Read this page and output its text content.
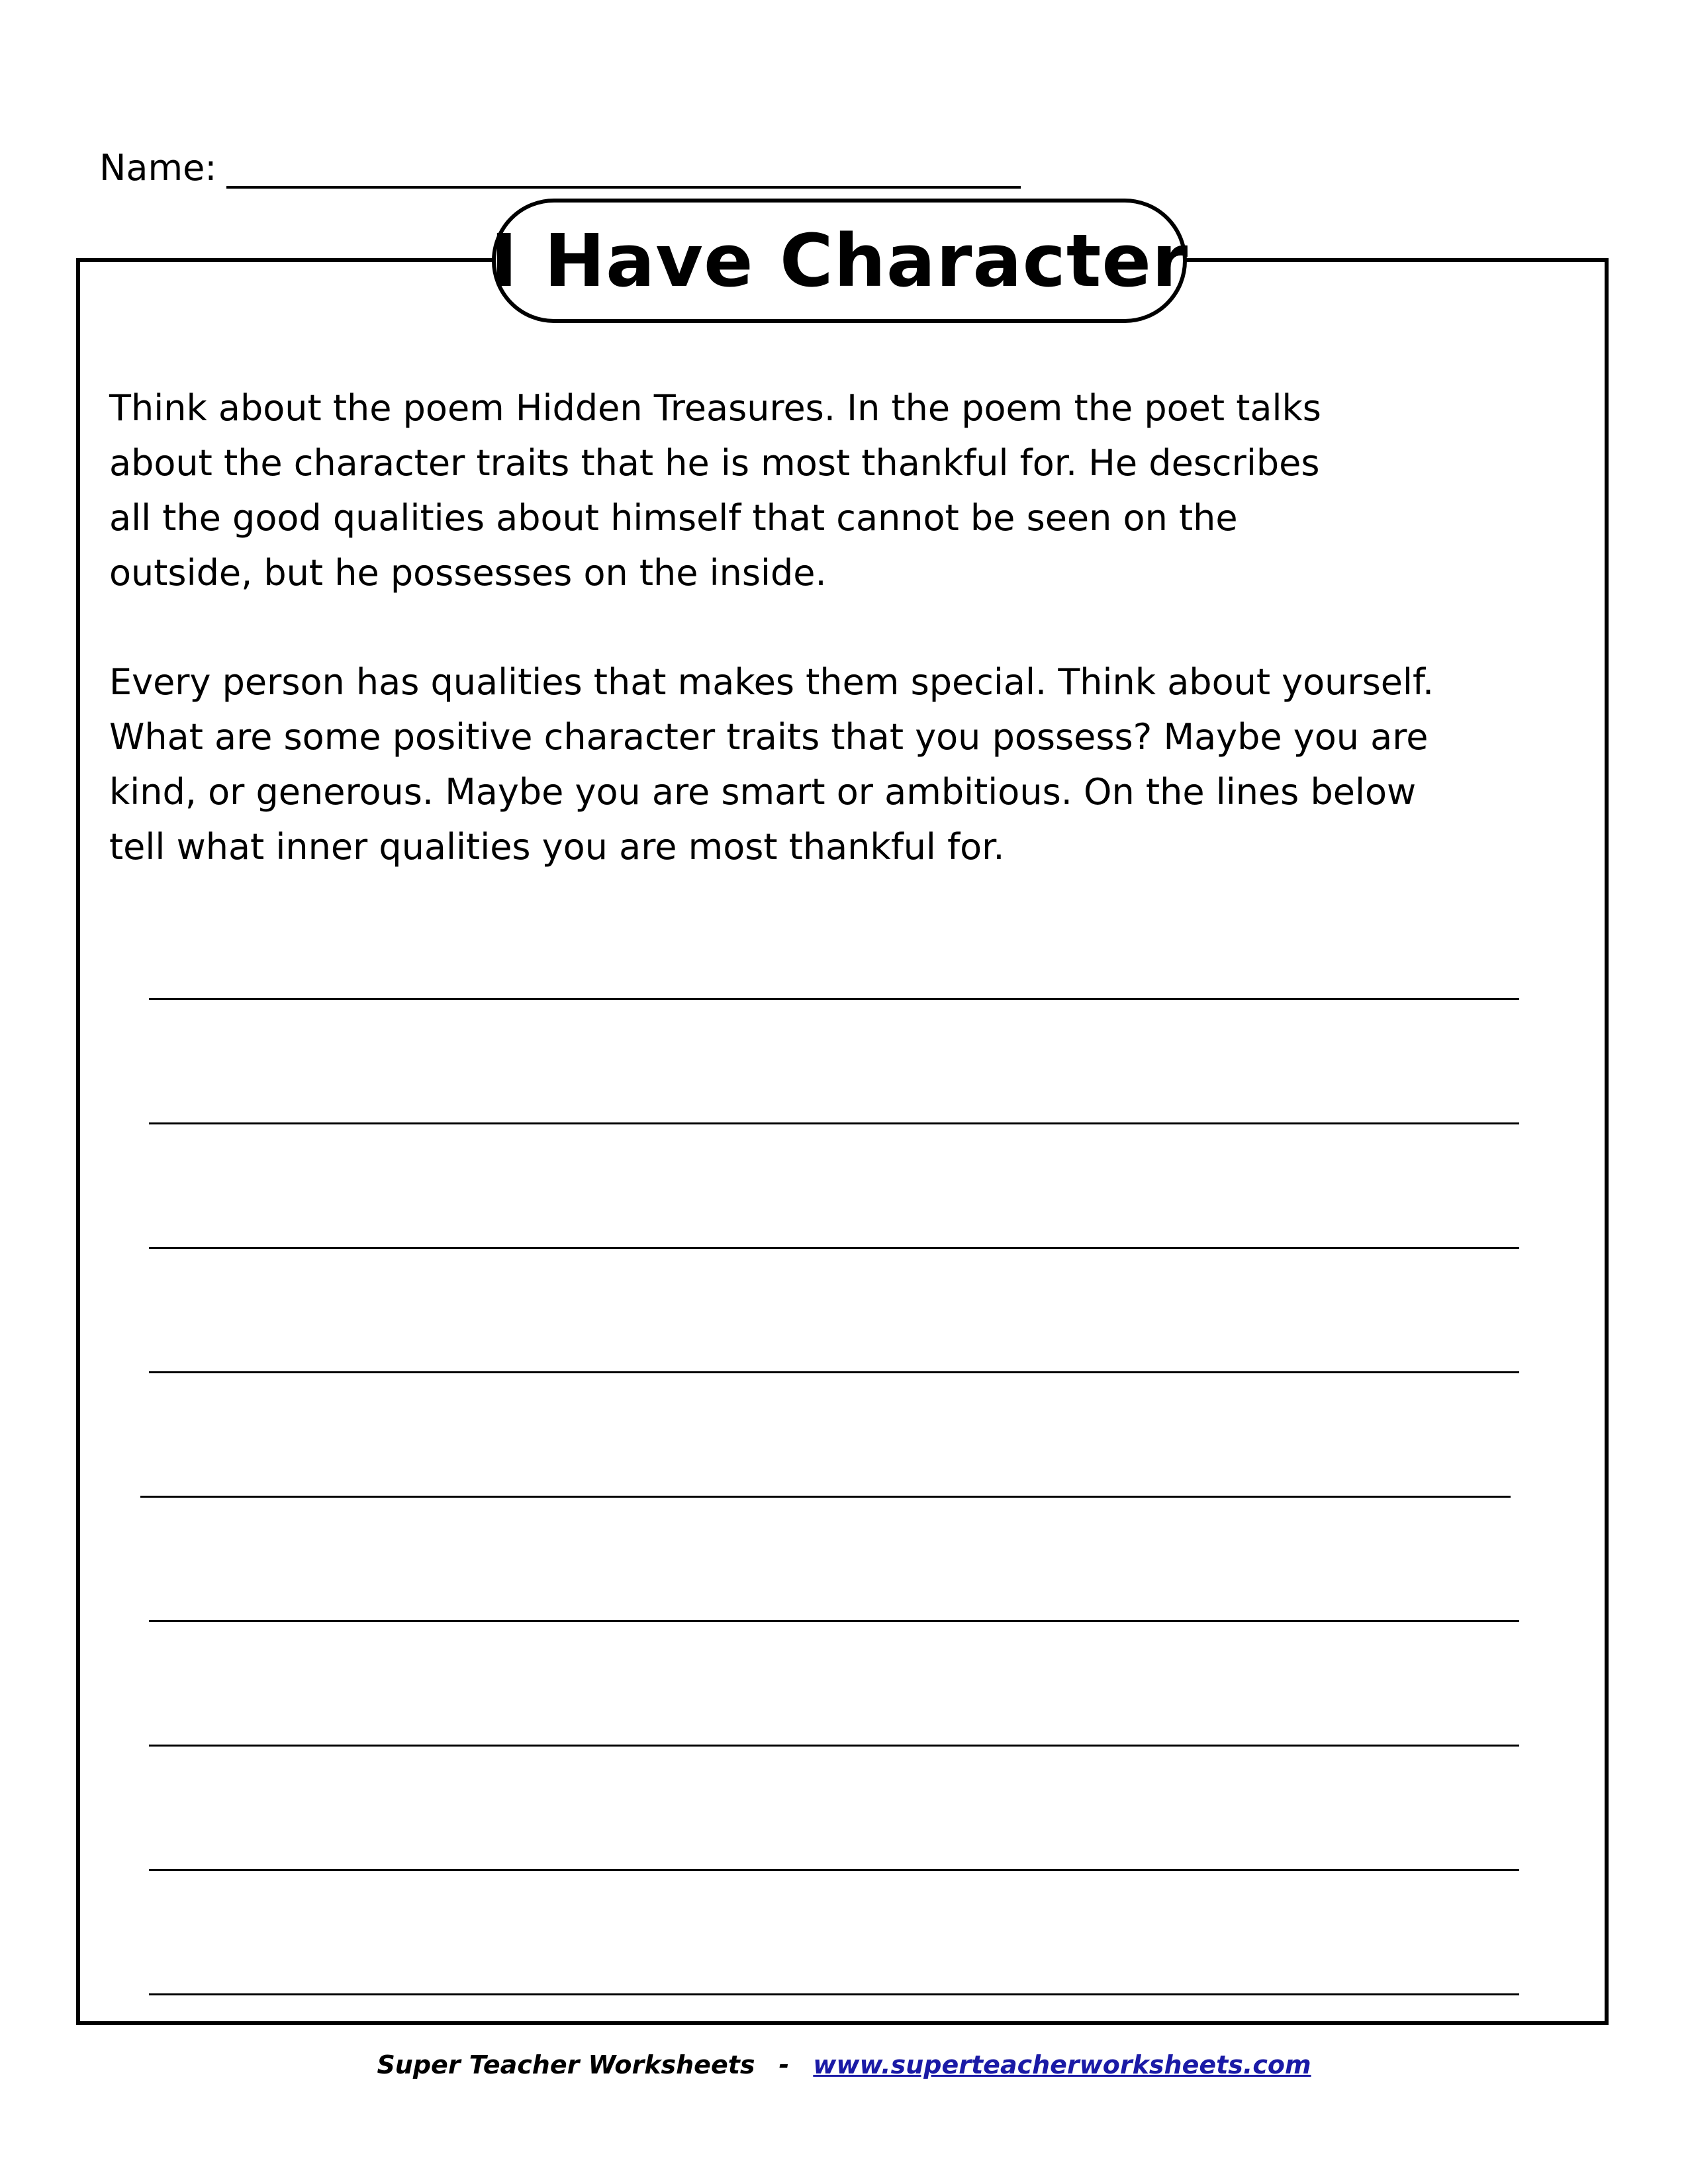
Name:
I Have Character
Think about the poem Hidden Treasures. In the poem the poet talks
about the character traits that he is most thankful for. He describes
all the good qualities about himself that cannot be seen on the
outside, but he possesses on the inside.
Every person has qualities that makes them special. Think about yourself.
What are some positive character traits that you possess? Maybe you are
kind, or generous. Maybe you are smart or ambitious. On the lines below
tell what inner qualities you are most thankful for.
Super Teacher Worksheets - www.superteacherworksheets.com
